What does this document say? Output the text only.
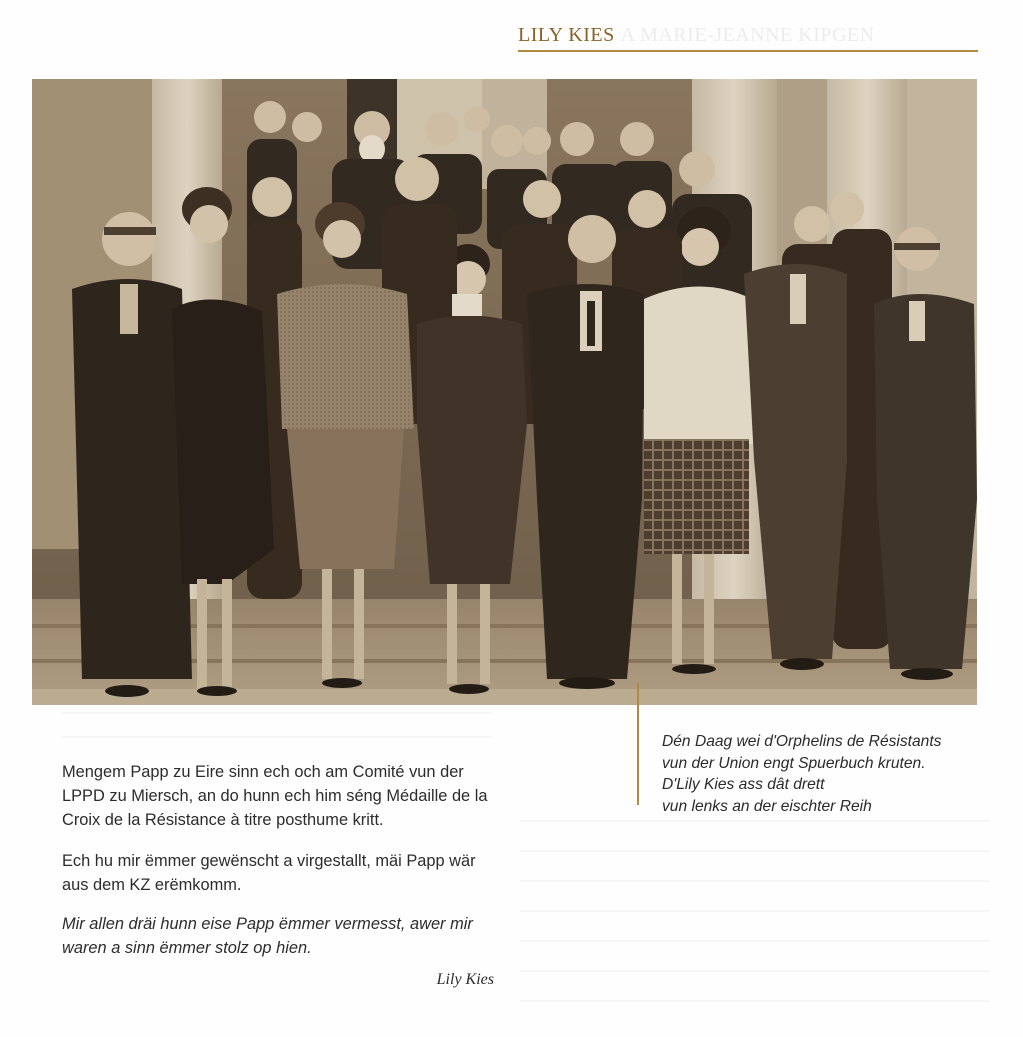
LILY KIES A MARIE-JEANNE KIPGEN
Dén Daag wei d'Orphelins de Résistants
vun der Union engt Spuerbuch kruten.
D'Lily Kies ass dât drett
vun lenks an der eischter Reih

Mengem Papp zu Eire sinn ech och am Comité vun der LPPD zu Miersch, an do hunn ech him séng Médaille de la Croix de la Résistance à titre posthume kritt.

Ech hu mir ëmmer gewënscht a virgestallt, mäi Papp wär aus dem KZ erëmkomm.

Mir allen dräi hunn eise Papp ëmmer vermesst, awer mir waren a sinn ëmmer stolz op hien.

Lily Kies
